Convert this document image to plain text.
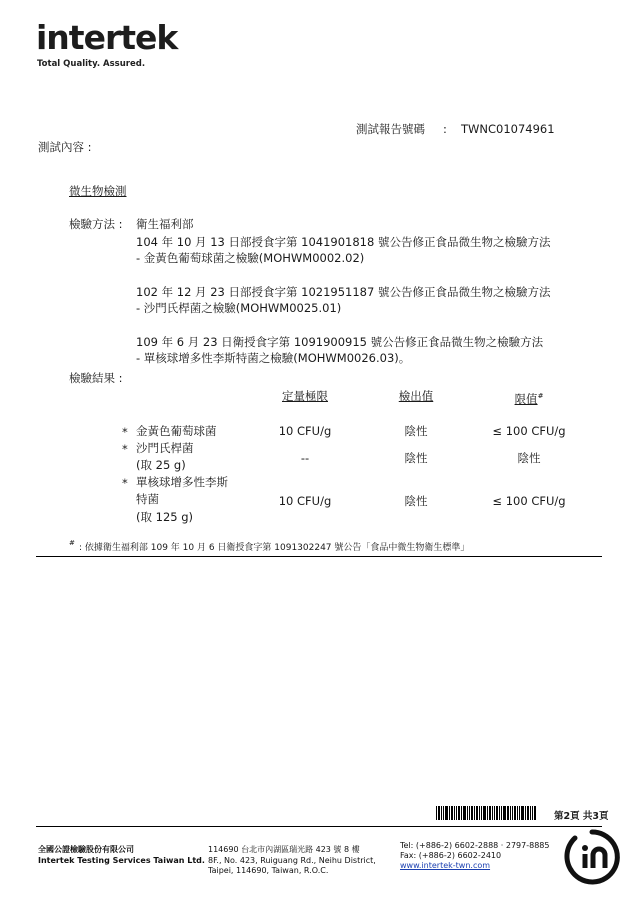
intertek
Total Quality. Assured.
測試報告號碼 : TWNC01074961
測試內容 :
微生物檢測
檢驗方法 : 衛生福利部
104 年 10 月 13 日部授食字第 1041901818 號公告修正食品微生物之檢驗方法
- 金黃色葡萄球菌之檢驗(MOHWM0002.02)
102 年 12 月 23 日部授食字第 1021951187 號公告修正食品微生物之檢驗方法
- 沙門氏桿菌之檢驗(MOHWM0025.01)
109 年 6 月 23 日衛授食字第 1091900915 號公告修正食品微生物之檢驗方法
- 單核球增多性李斯特菌之檢驗(MOHWM0026.03)。
檢驗結果 :
定量極限	檢出值	限值#
* 金黃色葡萄球菌	10 CFU/g	陰性	≤ 100 CFU/g
* 沙門氏桿菌
(取 25 g)	--	陰性	陰性
* 單核球增多性李斯
特菌
(取 125 g)
10 CFU/g	陰性	≤ 100 CFU/g
# : 依據衛生福利部 109 年 10 月 6 日衛授食字第 1091302247 號公告「食品中微生物衛生標準」
第2頁 共3頁
全國公證檢驗股份有限公司
Intertek Testing Services Taiwan Ltd.
114690 台北市內湖區瑞光路 423 號 8 樓
8F., No. 423, Ruiguang Rd., Neihu District,
Taipei, 114690, Taiwan, R.O.C.
Tel: (+886-2) 6602-2888 · 2797-8885
Fax: (+886-2) 6602-2410
www.intertek-twn.com
